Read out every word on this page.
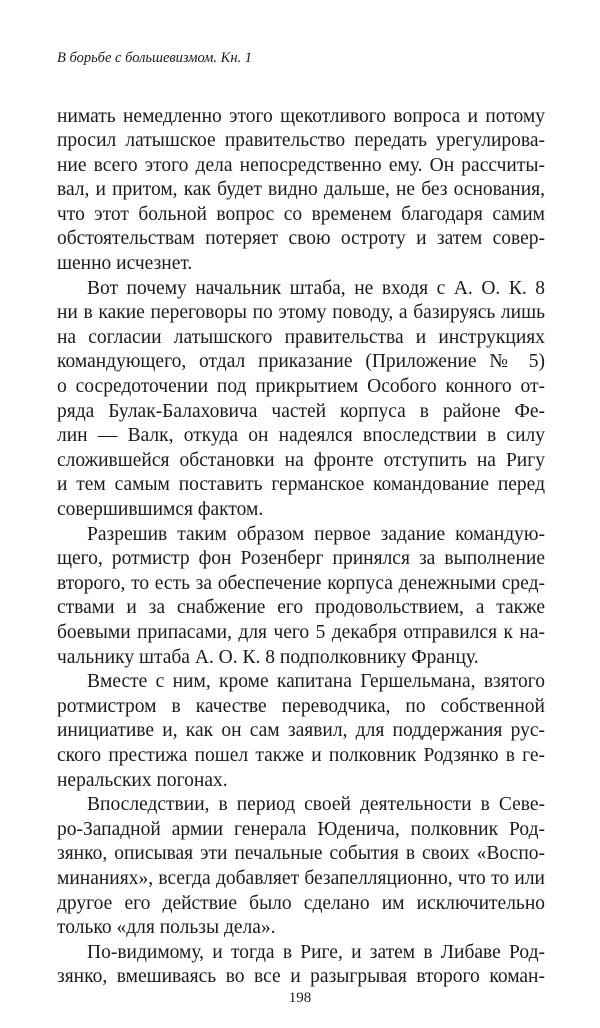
В борьбе с большевизмом. Кн. 1
нимать немедленно этого щекотливого вопроса и потому
просил латышское правительство передать урегулирова-
ние всего этого дела непосредственно ему. Он рассчиты-
вал, и притом, как будет видно дальше, не без основания,
что этот больной вопрос со временем благодаря самим
обстоятельствам потеряет свою остроту и затем совер-
шенно исчезнет.
Вот почему начальник штаба, не входя с А. О. К. 8
ни в какие переговоры по этому поводу, а базируясь лишь
на согласии латышского правительства и инструкциях
командующего, отдал приказание (Приложение № 5)
о сосредоточении под прикрытием Особого конного от-
ряда Булак-Балаховича частей корпуса в районе Фе-
лин — Валк, откуда он надеялся впоследствии в силу
сложившейся обстановки на фронте отступить на Ригу
и тем самым поставить германское командование перед
совершившимся фактом.
Разрешив таким образом первое задание командую-
щего, ротмистр фон Розенберг принялся за выполнение
второго, то есть за обеспечение корпуса денежными сред-
ствами и за снабжение его продовольствием, а также
боевыми припасами, для чего 5 декабря отправился к на-
чальнику штаба А. О. К. 8 подполковнику Францу.
Вместе с ним, кроме капитана Гершельмана, взятого
ротмистром в качестве переводчика, по собственной
инициативе и, как он сам заявил, для поддержания рус-
ского престижа пошел также и полковник Родзянко в ге-
неральских погонах.
Впоследствии, в период своей деятельности в Севе-
ро-Западной армии генерала Юденича, полковник Род-
зянко, описывая эти печальные события в своих «Воспо-
минаниях», всегда добавляет безапелляционно, что то или
другое его действие было сделано им исключительно
только «для пользы дела».
По-видимому, и тогда в Риге, и затем в Либаве Род-
зянко, вмешиваясь во все и разыгрывая второго коман-
198
